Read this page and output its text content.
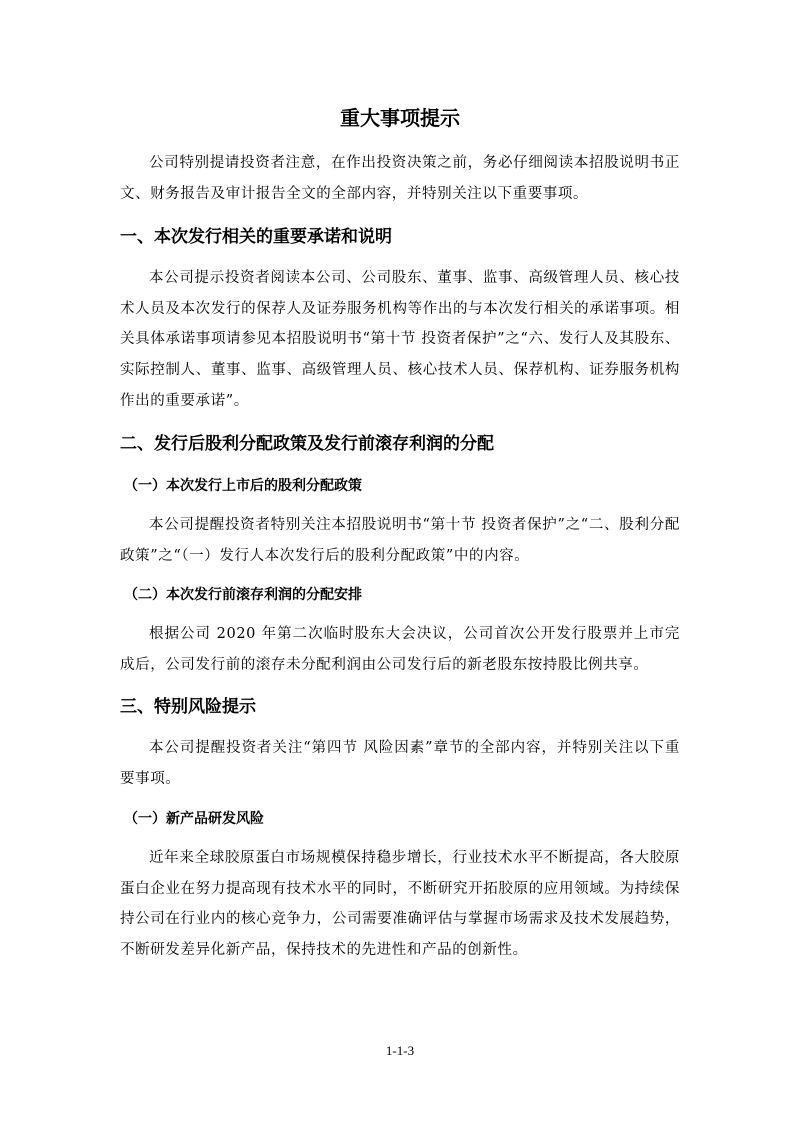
重大事项提示

公司特别提请投资者注意，在作出投资决策之前，务必仔细阅读本招股说明书正文、财务报告及审计报告全文的全部内容，并特别关注以下重要事项。

一、本次发行相关的重要承诺和说明

本公司提示投资者阅读本公司、公司股东、董事、监事、高级管理人员、核心技术人员及本次发行的保荐人及证券服务机构等作出的与本次发行相关的承诺事项。相关具体承诺事项请参见本招股说明书“第十节 投资者保护”之“六、发行人及其股东、实际控制人、董事、监事、高级管理人员、核心技术人员、保荐机构、证券服务机构作出的重要承诺”。

二、发行后股利分配政策及发行前滚存利润的分配
（一）本次发行上市后的股利分配政策

本公司提醒投资者特别关注本招股说明书“第十节 投资者保护”之“二、股利分配政策”之“（一）发行人本次发行后的股利分配政策”中的内容。

（二）本次发行前滚存利润的分配安排

根据公司 2020 年第二次临时股东大会决议，公司首次公开发行股票并上市完成后，公司发行前的滚存未分配利润由公司发行后的新老股东按持股比例共享。

三、特别风险提示

本公司提醒投资者关注“第四节 风险因素”章节的全部内容，并特别关注以下重要事项。

（一）新产品研发风险

近年来全球胶原蛋白市场规模保持稳步增长，行业技术水平不断提高，各大胶原蛋白企业在努力提高现有技术水平的同时，不断研究开拓胶原的应用领域。为持续保持公司在行业内的核心竞争力，公司需要准确评估与掌握市场需求及技术发展趋势，不断研发差异化新产品，保持技术的先进性和产品的创新性。

1-1-3
